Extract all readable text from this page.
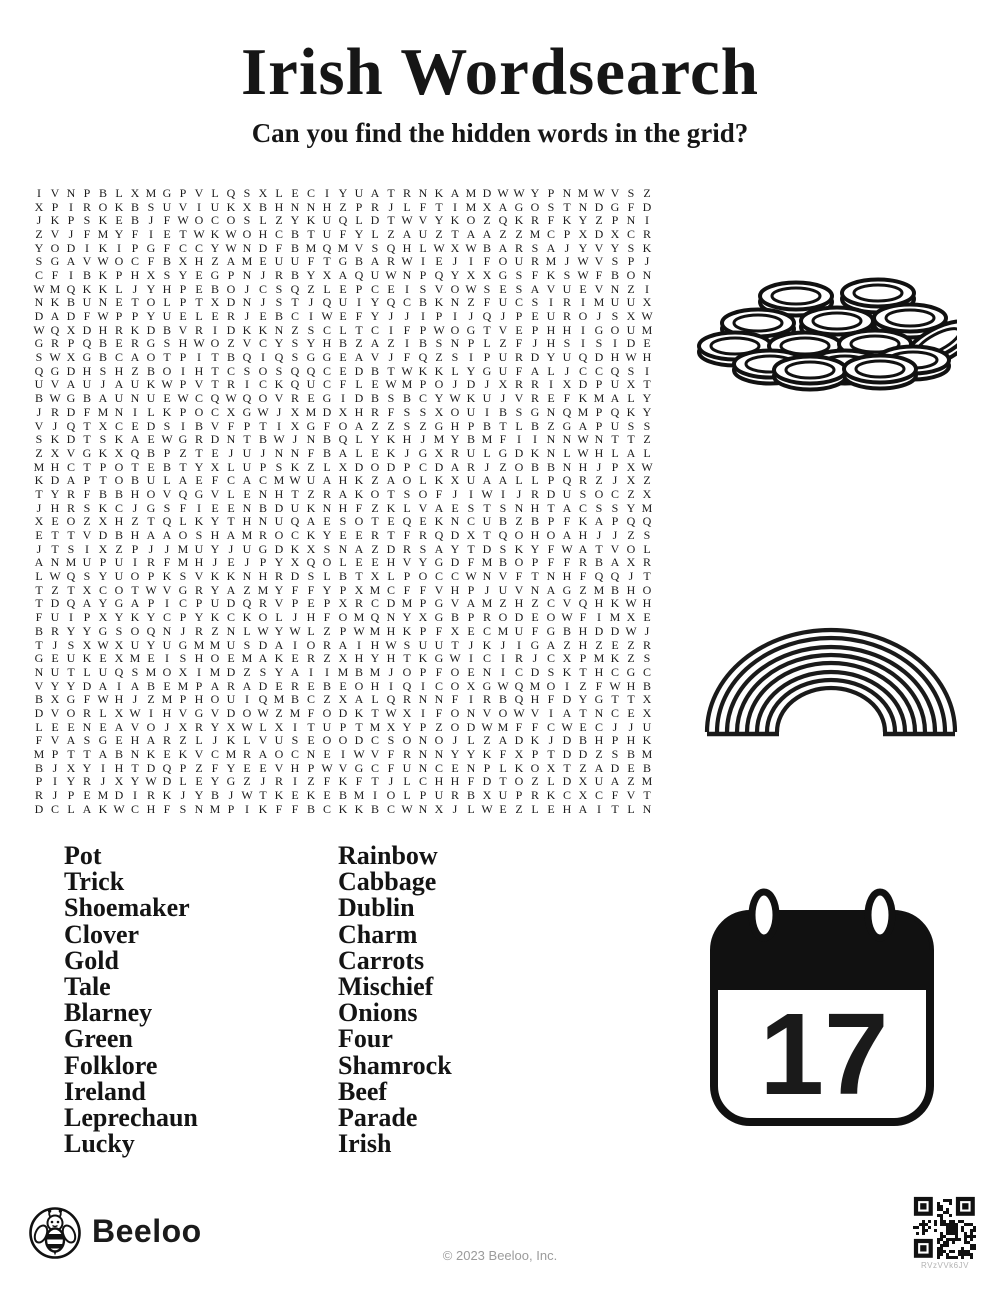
Irish Wordsearch
Can you find the hidden words in the grid?
I V N P B L X M G P V L Q S X L E C I Y U A T R N K A M D W W Y P N M W V S Z
X P I R O K B S U V I U K X B H N N H Z P R J L F T I M X A G O S T N D G F D
J K P S K E B J F W O C O S L Z Y K U Q L D T W V Y K O Z Q K R F K Y Z P N I
Z V J F M Y F I E T W K W O H C B T U F Y L Z A U Z T A A Z Z M C P X D X C R
Y O D I K I P G F C C Y W N D F B M Q M V S Q H L W X W B A R S A J Y V Y S K
S G A V W O C F B X H Z A M E U U F T G B A R W I E J I F O U R M J W V S P J
C F I B K P H X S Y E G P N J R B Y X A Q U W N P Q Y X X G S F K S W F B O N
W M Q K K L J Y H P E B O J C S Q Z L E P C E I S V O W S E S A V U E V N Z I
N K B U N E T O L P T X D N J S T J Q U I Y Q C B K N Z F U C S I R I M U U X
D A D F W P P Y U E L E R J E B C I W E F Y J J I P I J Q J P E U R O J S X W
W Q X D H R K D B V R I D K K N Z S C L T C I F P W O G T V E P H H I G O U M
G R P Q B E R G S H W O Z V C Y S Y H B Z A Z I B S N P L Z F J H S I S I D E
S W X G B C A O T P I T B Q I Q S G G E A V J F Q Z S I P U R D Y U Q D H W H
Q G D H S H Z B O I H T C S O S Q Q C E D B T W K K L Y G U F A L J C C Q S I
U V A U J A U K W P V T R I C K Q U C F L E W M P O J D J X R R I X D P U X T
B W G B A U N U E W C Q W Q O V R E G I D B S B C Y W K U J V R E F K M A L Y
J R D F M N I L K P O C X G W J X M D X H R F S S X O U I B S G N Q M P Q K Y
V J Q T X C E D S I B V F P T I X G F O A Z Z S Z G H P B T L B Z G A P U S S
S K D T S K A E W G R D N T B W J N B Q L Y K H J M Y B M F I	I N N W N T T Z
Z X V G K X Q B P Z T E J U J N N F B A L E K J G X R U L G D K N L W H L A L
M H C T P O T E B T Y X L U P S K Z L X D O D P C D A R J Z O B B N H J P X W
K D A P T O B U L A E F C A C M W U A H K Z A O L K X U A A L L P Q R Z J X Z
T Y R F B B H O V Q G V L E N H T Z R A K O T S O F J I W I J R D U S O C Z X
J H R S K C J G S F I E E N B D U K N H F Z K L V A E S T S N H T A C S S Y M
X E O Z X H Z T Q L K Y T H N U Q A E S O T E Q E K N C U B Z B P F K A P Q Q
E T T V D B H A A O S H A M R O C K Y E E R T F R Q D X T Q O H O A H J J Z S
J T S I X Z P J J M U Y J U G D K X S N A Z D R S A Y T D S K Y F W A T V O L
A N M U P U I R F M H J E J P Y X Q O L E E H V Y G D F M B O P F F R B A X R
L W Q S Y U O P K S V K K N H R D S L B T X L P O C C W N V F T N H F Q Q J T
T Z T X C O T W V G R Y A Z M Y F F Y P X M C F F V H P J U V N A G Z M B H O
T D Q A Y G A P I C P U D Q R V P E P X R C D M P G V A M Z H Z C V Q H K W H
F U I P X Y K Y C P Y K C K O L J H F O M Q N Y X G B P R O D E O W F I M X E
B R Y Y G S O Q N J R Z N L W Y W L Z P W M H K P F X E C M U F G B H D D W J
T J S X W X U Y U G M M U S D A I O R A I H W S U U T J K J I G A Z H Z E Z R
G E U K E X M E I S H O E M A K E R Z X H Y H T K G W I C I R J C X P M K Z S
N U T L U Q S M O X I M D Z S Y A I	I M B M J O P F O E N I C D S K T H C G C
V Y Y D A I A B E M P A R A D E R E B E O H I Q I C O X G W Q M O I Z F W H B
B X G F W H J Z M P H O U I Q M B C Z X A L Q R N N F I R B Q H F D Y G T T X
D V O R L X W I H V G V D O W Z M F O D K T W X I F O N V O W V I A T N C E X
L E E N E A V O J X R Y X W L X I T U P T M X Y P Z O D W M F F C W E C J J U
F V A S G E H A R Z L J K L V U S E O O D C S O N O J L Z A D K J D B H P H K
M P T T A B N K E K V C M R A O C N E I W V F R N N Y Y K F X P T D D Z S B M
B J X Y I H T D Q P Z F Y E E V H P W V G C F U N C E N P L K O X T Z A D E B
P I Y R J X Y W D L E Y G Z J R I Z F K F T J L C H H F D T O Z L D X U A Z M
R J P E M D I R K J Y B J W T K E K E B M I O L P U R B X U P R K C X C F V T
D C L A K W C H F S N M P I K F F B C K K B C W N X J L W E Z L E H A I T L N
17
Pot
Trick
Shoemaker
Clover
Gold
Tale
Blarney
Green
Folklore
Ireland
Leprechaun
Lucky
Rainbow
Cabbage
Dublin
Charm
Carrots
Mischief
Onions
Four
Shamrock
Beef
Parade
Irish
Beeloo
© 2023 Beeloo, Inc.
RVzVVk6JV
